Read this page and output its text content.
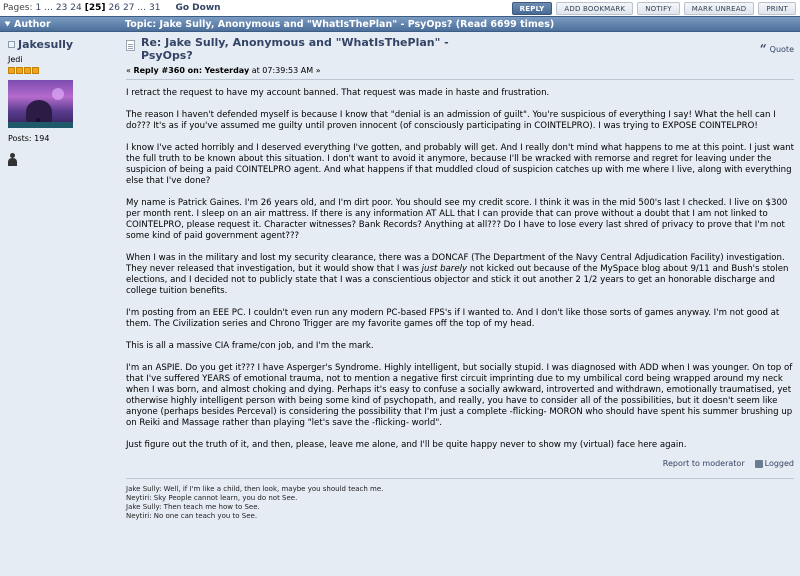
Pages: 1 ... 23 24 [25] 26 27 ... 31 Go Down	REPLY	ADD BOOKMARK	NOTIFY	MARK UNREAD	PRINT
Author	Topic: Jake Sully, Anonymous and "WhatIsThePlan" - PsyOps? (Read 6699 times)
Jakesully
Jedi
Posts: 194
Re: Jake Sully, Anonymous and "WhatIsThePlan" - PsyOps?
« Reply #360 on: Yesterday at 07:39:53 AM »
“ Quote

I retract the request to have my account banned. That request was made in haste and frustration.

The reason I haven't defended myself is because I know that "denial is an admission of guilt". You're suspicious of everything I say! What the hell can I do??? It's as if you've assumed me guilty until proven innocent (of consciously participating in COINTELPRO). I was trying to EXPOSE COINTELPRO!

I know I've acted horribly and I deserved everything I've gotten, and probably will get. And I really don't mind what happens to me at this point. I just want the full truth to be known about this situation. I don't want to avoid it anymore, because I'll be wracked with remorse and regret for leaving under the suspicion of being a paid COINTELPRO agent. And what happens if that muddled cloud of suspicion catches up with me where I live, along with everything else that I've done?

My name is Patrick Gaines. I'm 26 years old, and I'm dirt poor. You should see my credit score. I think it was in the mid 500's last I checked. I live on $300 per month rent. I sleep on an air mattress. If there is any information AT ALL that I can provide that can prove without a doubt that I am not linked to COINTELPRO, please request it. Character witnesses? Bank Records? Anything at all??? Do I have to lose every last shred of privacy to prove that I'm not some kind of paid government agent???

When I was in the military and lost my security clearance, there was a DONCAF (The Department of the Navy Central Adjudication Facility) investigation. They never released that investigation, but it would show that I was just barely not kicked out because of the MySpace blog about 9/11 and Bush's stolen elections, and I decided not to publicly state that I was a conscientious objector and stick it out another 2 1/2 years to get an honorable discharge and college tuition benefits.

I'm posting from an EEE PC. I couldn't even run any modern PC-based FPS's if I wanted to. And I don't like those sorts of games anyway. I'm not good at them. The Civilization series and Chrono Trigger are my favorite games off the top of my head.

This is all a massive CIA frame/con job, and I'm the mark.

I'm an ASPIE. Do you get it??? I have Asperger's Syndrome. Highly intelligent, but socially stupid. I was diagnosed with ADD when I was younger. On top of that I've suffered YEARS of emotional trauma, not to mention a negative first circuit imprinting due to my umbilical cord being wrapped around my neck when I was born, and almost choking and dying. Perhaps it's easy to confuse a socially awkward, introverted and withdrawn, emotionally traumatised, yet otherwise highly intelligent person with being some kind of psychopath, and really, you have to consider all of the possibilities, but it doesn't seem like anyone (perhaps besides Perceval) is considering the possibility that I'm just a complete -flicking- MORON who should have spent his summer brushing up on Reiki and Massage rather than playing "let's save the -flicking- world".

Just figure out the truth of it, and then, please, leave me alone, and I'll be quite happy never to show my (virtual) face here again.

Report to moderator	Logged
Jake Sully: Well, if I'm like a child, then look, maybe you should teach me.
Neytiri: Sky People cannot learn, you do not See.
Jake Sully: Then teach me how to See.
Neytiri: No one can teach you to See.
